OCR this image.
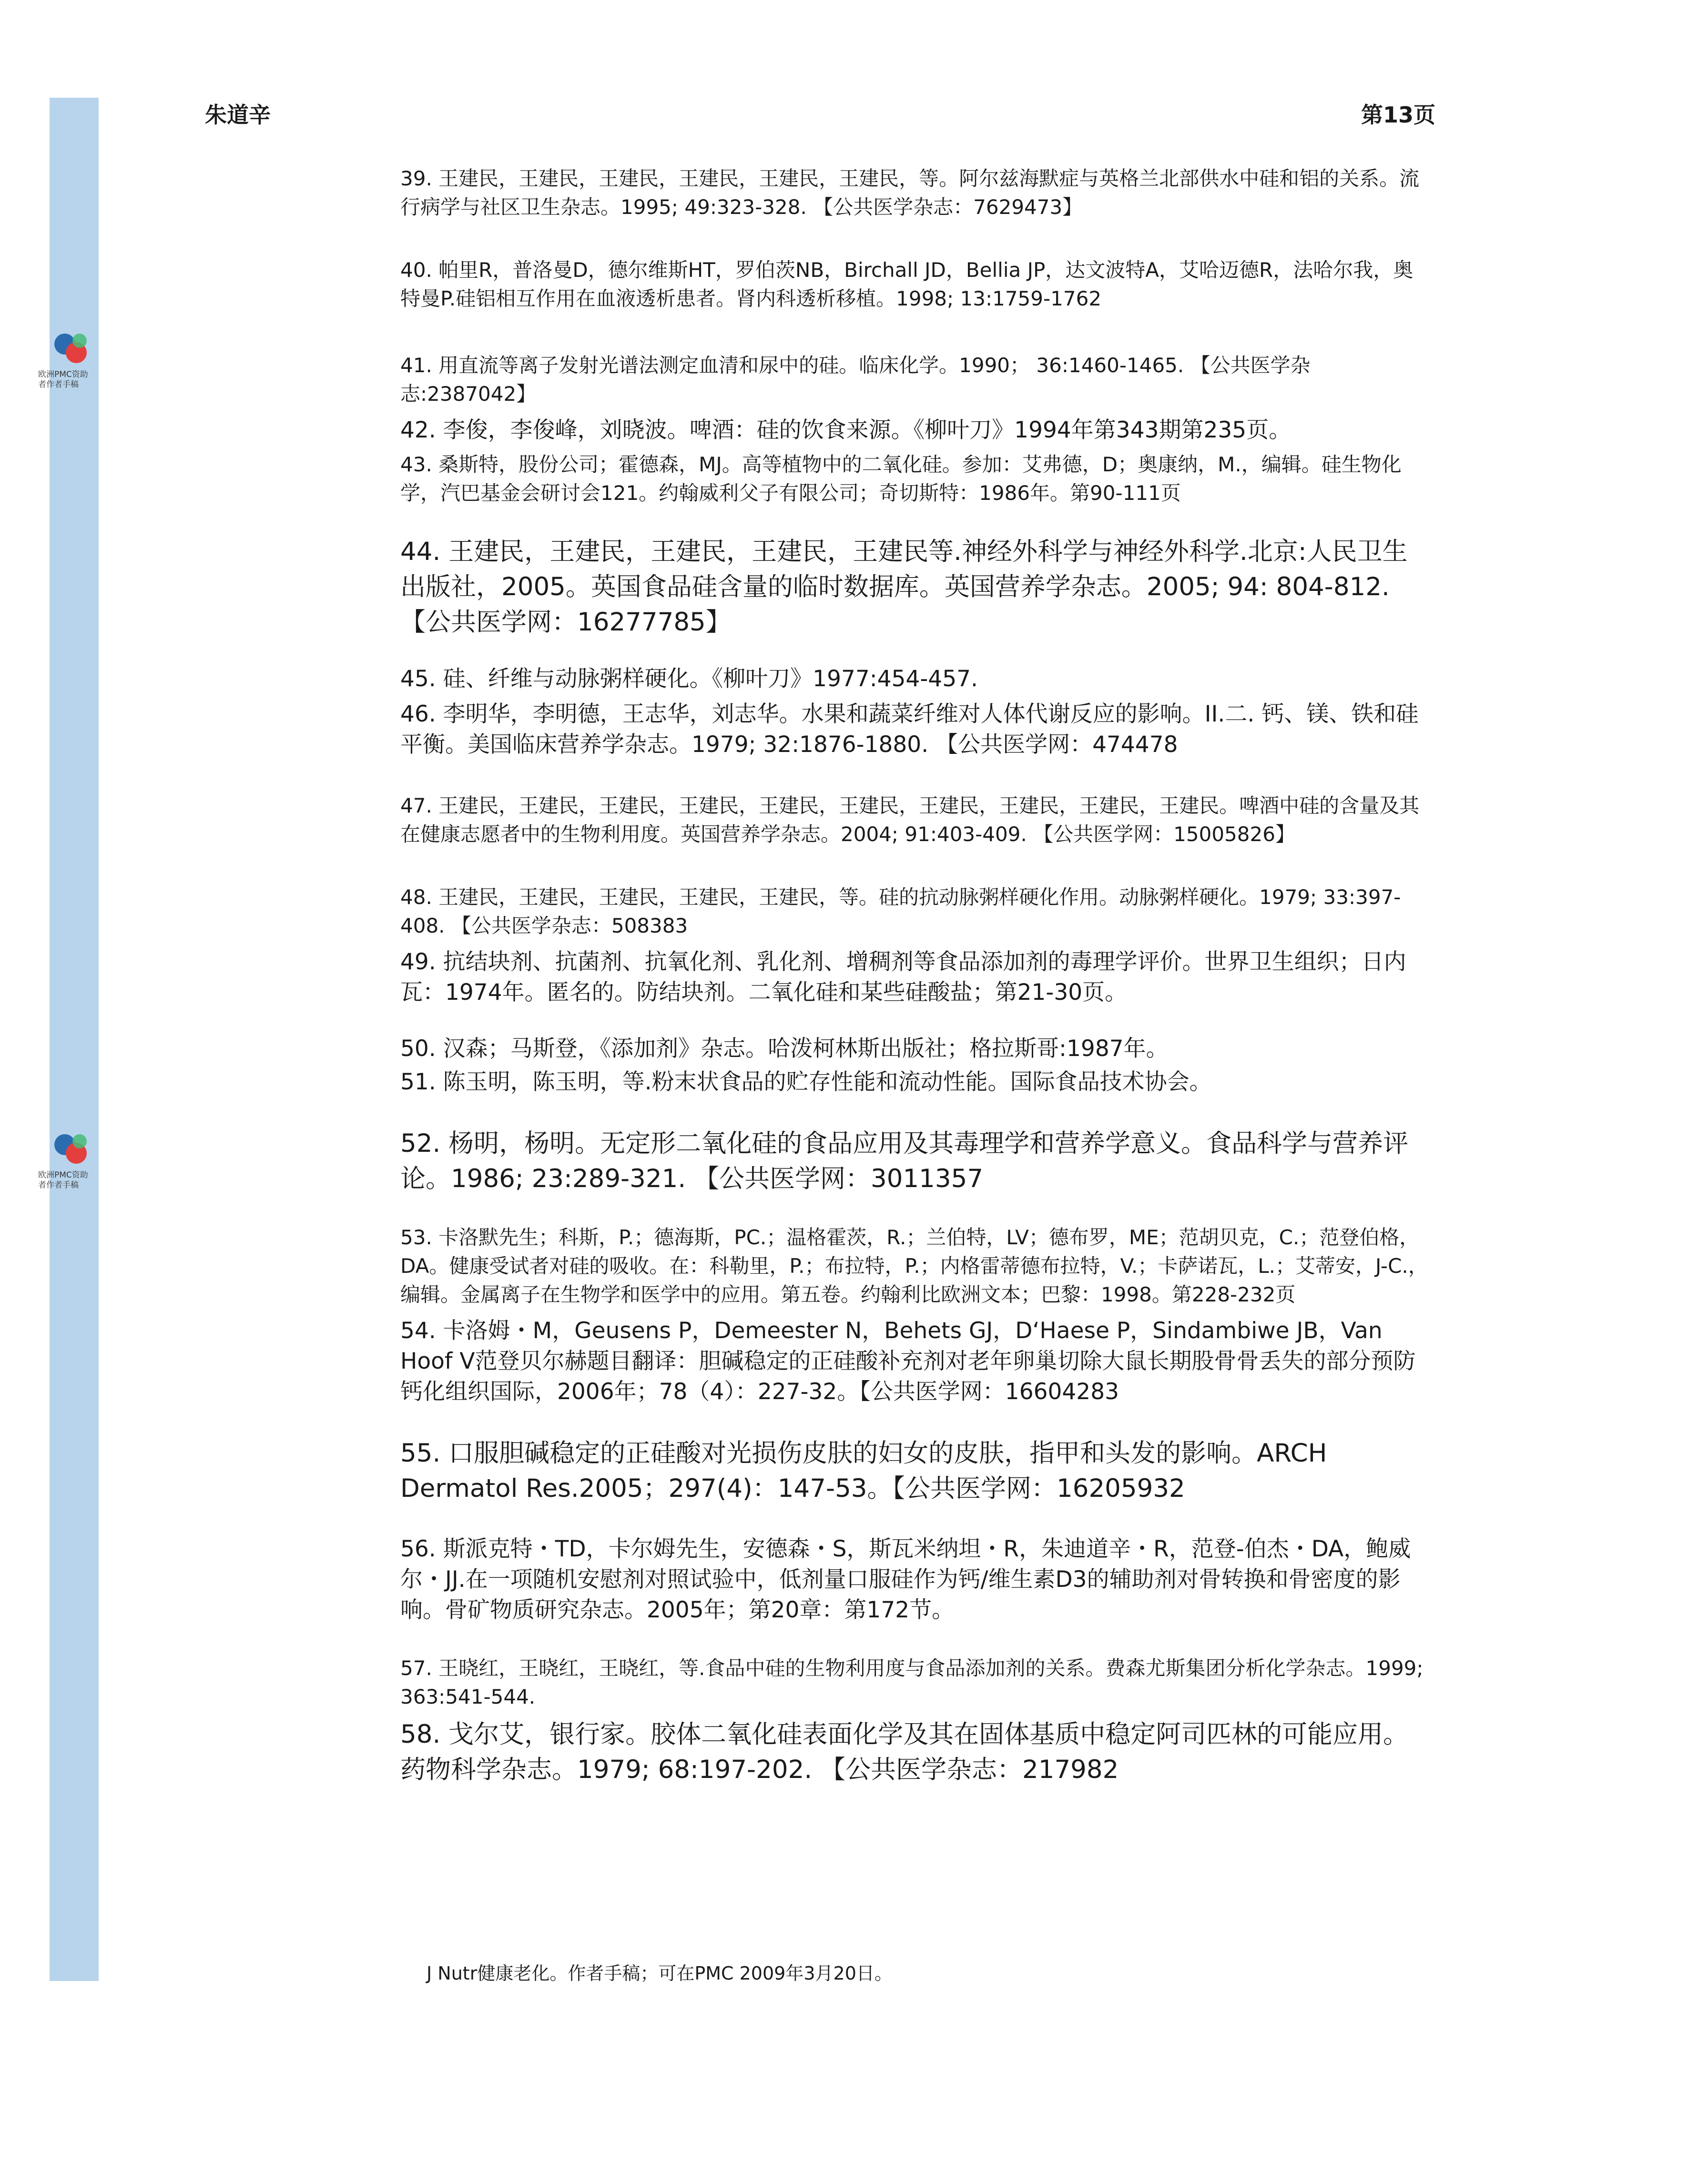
欧洲PMC资助者作者手稿
欧洲PMC资助者作者手稿
朱道辛	第13页

39. 王建民，王建民，王建民，王建民，王建民，王建民，等。阿尔兹海默症与英格兰北部供水中硅和铝的关系。流行病学与社区卫生杂志。1995; 49:323-328. 【公共医学杂志：7629473】

40. 帕里R，普洛曼D，德尔维斯HT，罗伯茨NB，Birchall JD，Bellia JP，达文波特A，艾哈迈德R，法哈尔我，奥特曼P.硅铝相互作用在血液透析患者。肾内科透析移植。1998; 13:1759-1762

41. 用直流等离子发射光谱法测定血清和尿中的硅。临床化学。1990； 36:1460-1465. 【公共医学杂志:2387042】

42. 李俊，李俊峰，刘晓波。啤酒：硅的饮食来源。《柳叶刀》1994年第343期第235页。

43. 桑斯特，股份公司；霍德森，MJ。高等植物中的二氧化硅。参加：艾弗德，D；奥康纳，M.，编辑。硅生物化学，汽巴基金会研讨会121。约翰威利父子有限公司；奇切斯特：1986年。第90-111页

44. 王建民，王建民，王建民，王建民，王建民等.神经外科学与神经外科学.北京:人民卫生出版社，2005。英国食品硅含量的临时数据库。英国营养学杂志。2005; 94: 804-812. 【公共医学网：16277785】

45. 硅、纤维与动脉粥样硬化。《柳叶刀》1977:454-457.

46. 李明华，李明德，王志华，刘志华。水果和蔬菜纤维对人体代谢反应的影响。II.二. 钙、镁、铁和硅平衡。美国临床营养学杂志。1979; 32:1876-1880. 【公共医学网：474478

47. 王建民，王建民，王建民，王建民，王建民，王建民，王建民，王建民，王建民，王建民。啤酒中硅的含量及其在健康志愿者中的生物利用度。英国营养学杂志。2004; 91:403-409. 【公共医学网：15005826】

48. 王建民，王建民，王建民，王建民，王建民，等。硅的抗动脉粥样硬化作用。动脉粥样硬化。1979; 33:397-408. 【公共医学杂志：508383

49. 抗结块剂、抗菌剂、抗氧化剂、乳化剂、增稠剂等食品添加剂的毒理学评价。世界卫生组织；日内瓦：1974年。匿名的。防结块剂。二氧化硅和某些硅酸盐；第21-30页。

50. 汉森；马斯登，《添加剂》杂志。哈泼柯林斯出版社；格拉斯哥:1987年。

51. 陈玉明，陈玉明，等.粉末状食品的贮存性能和流动性能。国际食品技术协会。

52. 杨明，杨明。无定形二氧化硅的食品应用及其毒理学和营养学意义。食品科学与营养评论。1986; 23:289-321. 【公共医学网：3011357

53. 卡洛默先生；科斯，P.；德海斯，PC.；温格霍茨，R.；兰伯特，LV；德布罗，ME；范胡贝克，C.；范登伯格，DA。健康受试者对硅的吸收。在：科勒里，P.；布拉特，P.；内格雷蒂德布拉特，V.；卡萨诺瓦，L.；艾蒂安，J-C.，编辑。金属离子在生物学和医学中的应用。第五卷。约翰利比欧洲文本；巴黎：1998。第228-232页

54. 卡洛姆・M，Geusens P，Demeester N，Behets GJ，D‘Haese P，Sindambiwe JB，Van Hoof V范登贝尔赫题目翻译：胆碱稳定的正硅酸补充剂对老年卵巢切除大鼠长期股骨骨丢失的部分预防钙化组织国际，2006年；78（4）：227-32。【公共医学网：16604283

55. 口服胆碱稳定的正硅酸对光损伤皮肤的妇女的皮肤，指甲和头发的影响。ARCH Dermatol Res.2005；297(4)：147-53。【公共医学网：16205932

56. 斯派克特・TD，卡尔姆先生，安德森・S，斯瓦米纳坦・R，朱迪道辛・R，范登-伯杰・DA，鲍威尔・JJ.在一项随机安慰剂对照试验中，低剂量口服硅作为钙/维生素D3的辅助剂对骨转换和骨密度的影响。骨矿物质研究杂志。2005年；第20章：第172节。

57. 王晓红，王晓红，王晓红，等.食品中硅的生物利用度与食品添加剂的关系。费森尤斯集团分析化学杂志。1999; 363:541-544.

58. 戈尔艾，银行家。胶体二氧化硅表面化学及其在固体基质中稳定阿司匹林的可能应用。药物科学杂志。1979; 68:197-202. 【公共医学杂志：217982

J Nutr健康老化。作者手稿；可在PMC 2009年3月20日。
